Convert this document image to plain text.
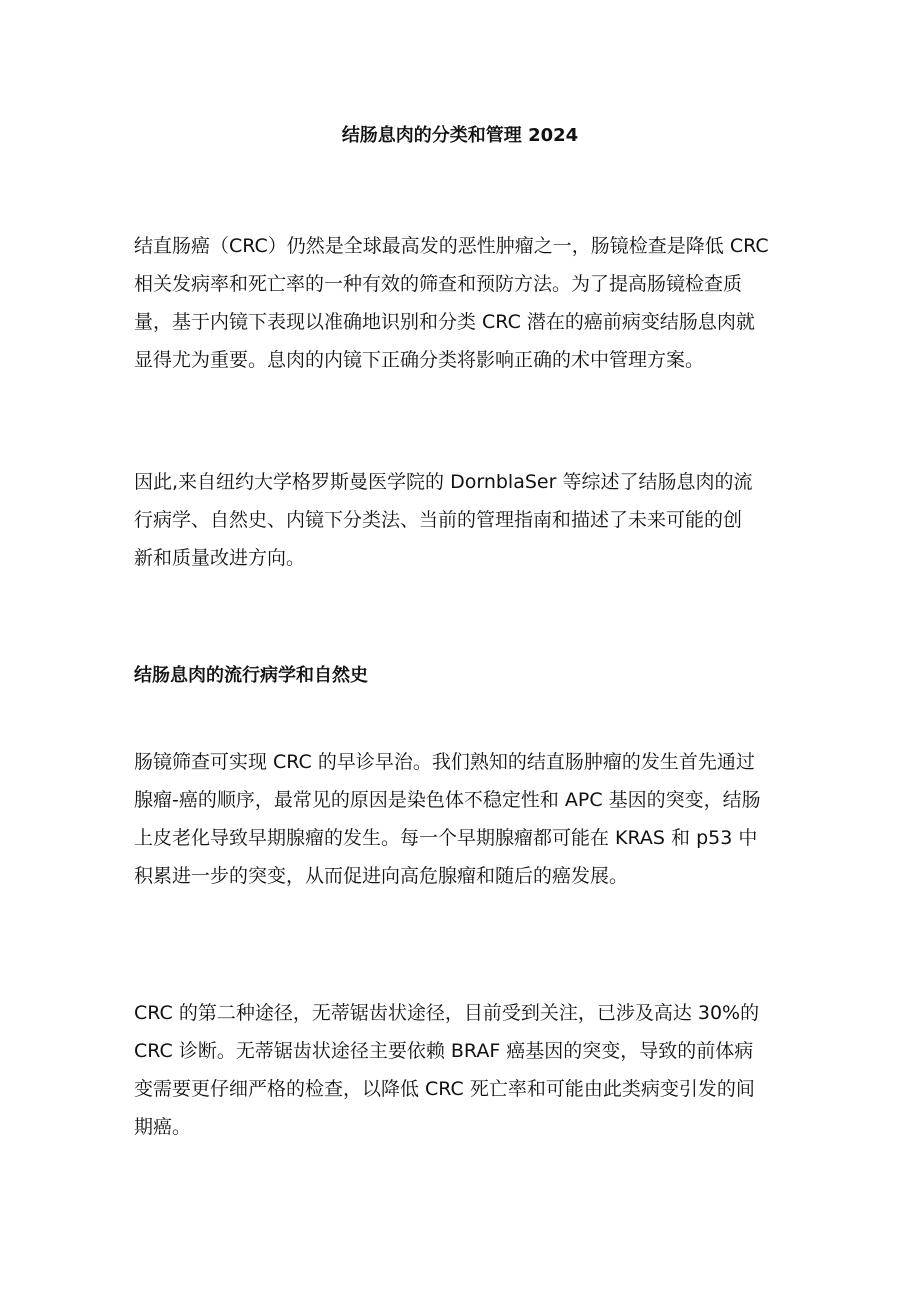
结肠息肉的分类和管理 2024
结直肠癌（CRC）仍然是全球最高发的恶性肿瘤之一，肠镜检查是降低 CRC
相关发病率和死亡率的一种有效的筛查和预防方法。为了提高肠镜检查质
量，基于内镜下表现以准确地识别和分类 CRC 潜在的癌前病变结肠息肉就
显得尤为重要。息肉的内镜下正确分类将影响正确的术中管理方案。
因此,来自纽约大学格罗斯曼医学院的 DornblaSer 等综述了结肠息肉的流
行病学、自然史、内镜下分类法、当前的管理指南和描述了未来可能的创
新和质量改进方向。
结肠息肉的流行病学和自然史
肠镜筛查可实现 CRC 的早诊早治。我们熟知的结直肠肿瘤的发生首先通过
腺瘤-癌的顺序，最常见的原因是染色体不稳定性和 APC 基因的突变，结肠
上皮老化导致早期腺瘤的发生。每一个早期腺瘤都可能在 KRAS 和 p53 中
积累进一步的突变，从而促进向高危腺瘤和随后的癌发展。
CRC 的第二种途径，无蒂锯齿状途径，目前受到关注，已涉及高达 30%的
CRC 诊断。无蒂锯齿状途径主要依赖 BRAF 癌基因的突变，导致的前体病
变需要更仔细严格的检查，以降低 CRC 死亡率和可能由此类病变引发的间
期癌。
